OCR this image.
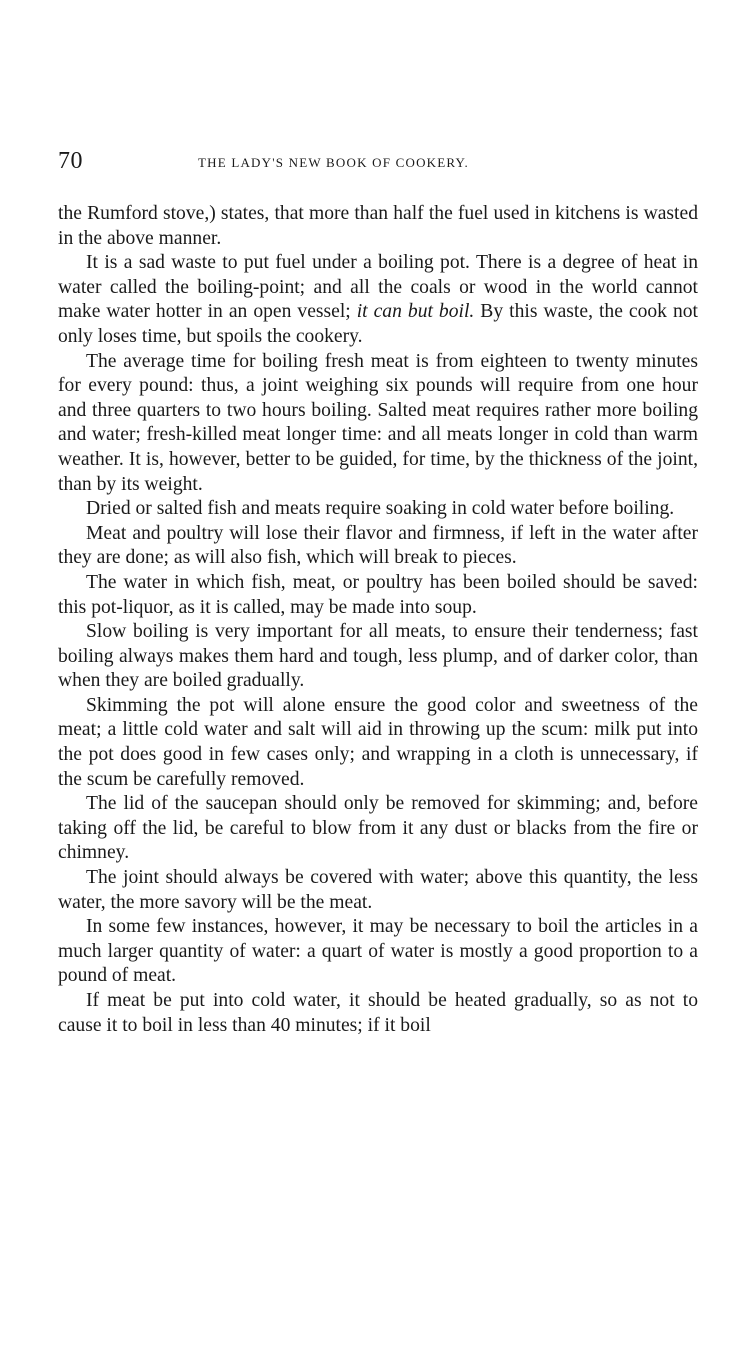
70	THE LADY'S NEW BOOK OF COOKERY.

the Rumford stove,) states, that more than half the fuel used in kitchens is wasted in the above manner.

It is a sad waste to put fuel under a boiling pot. There is a degree of heat in water called the boiling-point; and all the coals or wood in the world cannot make water hotter in an open vessel; it can but boil. By this waste, the cook not only loses time, but spoils the cookery.

The average time for boiling fresh meat is from eighteen to twenty minutes for every pound: thus, a joint weighing six pounds will require from one hour and three quarters to two hours boiling. Salted meat requires rather more boiling and water; fresh-killed meat longer time: and all meats longer in cold than warm weather. It is, however, better to be guided, for time, by the thickness of the joint, than by its weight.

Dried or salted fish and meats require soaking in cold water before boiling.

Meat and poultry will lose their flavor and firmness, if left in the water after they are done; as will also fish, which will break to pieces.

The water in which fish, meat, or poultry has been boiled should be saved: this pot-liquor, as it is called, may be made into soup.

Slow boiling is very important for all meats, to ensure their tenderness; fast boiling always makes them hard and tough, less plump, and of darker color, than when they are boiled gradually.

Skimming the pot will alone ensure the good color and sweetness of the meat; a little cold water and salt will aid in throwing up the scum: milk put into the pot does good in few cases only; and wrapping in a cloth is unnecessary, if the scum be carefully removed.

The lid of the saucepan should only be removed for skimming; and, before taking off the lid, be careful to blow from it any dust or blacks from the fire or chimney.

The joint should always be covered with water; above this quantity, the less water, the more savory will be the meat.

In some few instances, however, it may be necessary to boil the articles in a much larger quantity of water: a quart of water is mostly a good proportion to a pound of meat.

If meat be put into cold water, it should be heated gradually, so as not to cause it to boil in less than 40 minutes; if it boil
